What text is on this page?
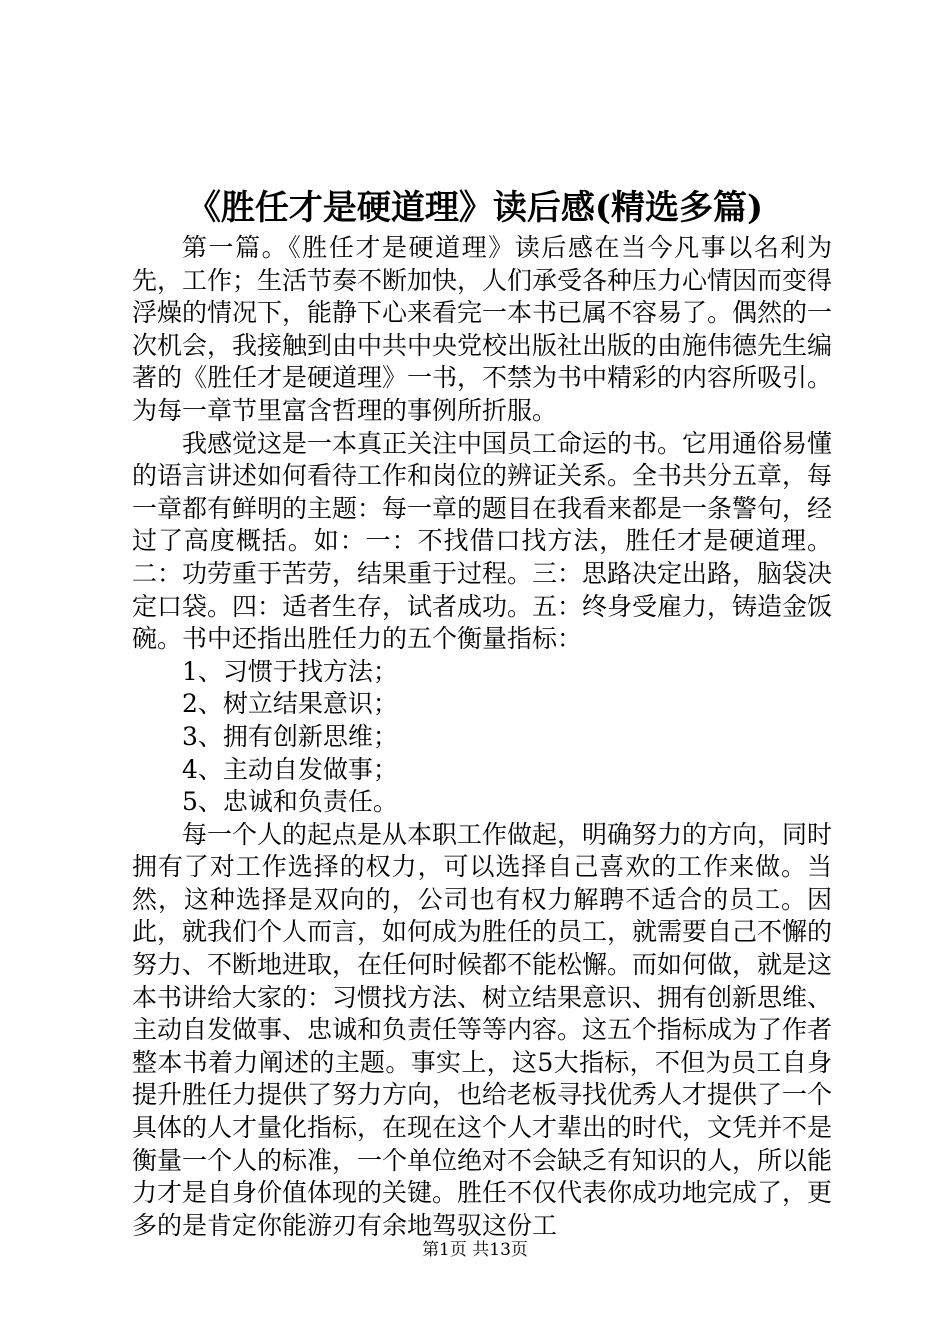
《胜任才是硬道理》读后感(精选多篇)

第一篇。《胜任才是硬道理》读后感在当今凡事以名利为先，工作；生活节奏不断加快，人们承受各种压力心情因而变得浮燥的情况下，能静下心来看完一本书已属不容易了。偶然的一次机会，我接触到由中共中央党校出版社出版的由施伟德先生编著的《胜任才是硬道理》一书，不禁为书中精彩的内容所吸引。为每一章节里富含哲理的事例所折服。

我感觉这是一本真正关注中国员工命运的书。它用通俗易懂的语言讲述如何看待工作和岗位的辨证关系。全书共分五章，每一章都有鲜明的主题：每一章的题目在我看来都是一条警句，经过了高度概括。如：一：不找借口找方法，胜任才是硬道理。二：功劳重于苦劳，结果重于过程。三：思路决定出路，脑袋决定口袋。四：适者生存，试者成功。五：终身受雇力，铸造金饭碗。书中还指出胜任力的五个衡量指标：

1、习惯于找方法；

2、树立结果意识；

3、拥有创新思维；

4、主动自发做事；

5、忠诚和负责任。

每一个人的起点是从本职工作做起，明确努力的方向，同时拥有了对工作选择的权力，可以选择自己喜欢的工作来做。当然，这种选择是双向的，公司也有权力解聘不适合的员工。因此，就我们个人而言，如何成为胜任的员工，就需要自己不懈的努力、不断地进取，在任何时候都不能松懈。而如何做，就是这本书讲给大家的：习惯找方法、树立结果意识、拥有创新思维、主动自发做事、忠诚和负责任等等内容。这五个指标成为了作者整本书着力阐述的主题。事实上，这5大指标，不但为员工自身提升胜任力提供了努力方向，也给老板寻找优秀人才提供了一个具体的人才量化指标，在现在这个人才辈出的时代，文凭并不是衡量一个人的标准，一个单位绝对不会缺乏有知识的人，所以能力才是自身价值体现的关键。胜任不仅代表你成功地完成了，更多的是肯定你能游刃有余地驾驭这份工

第1页 共13页
